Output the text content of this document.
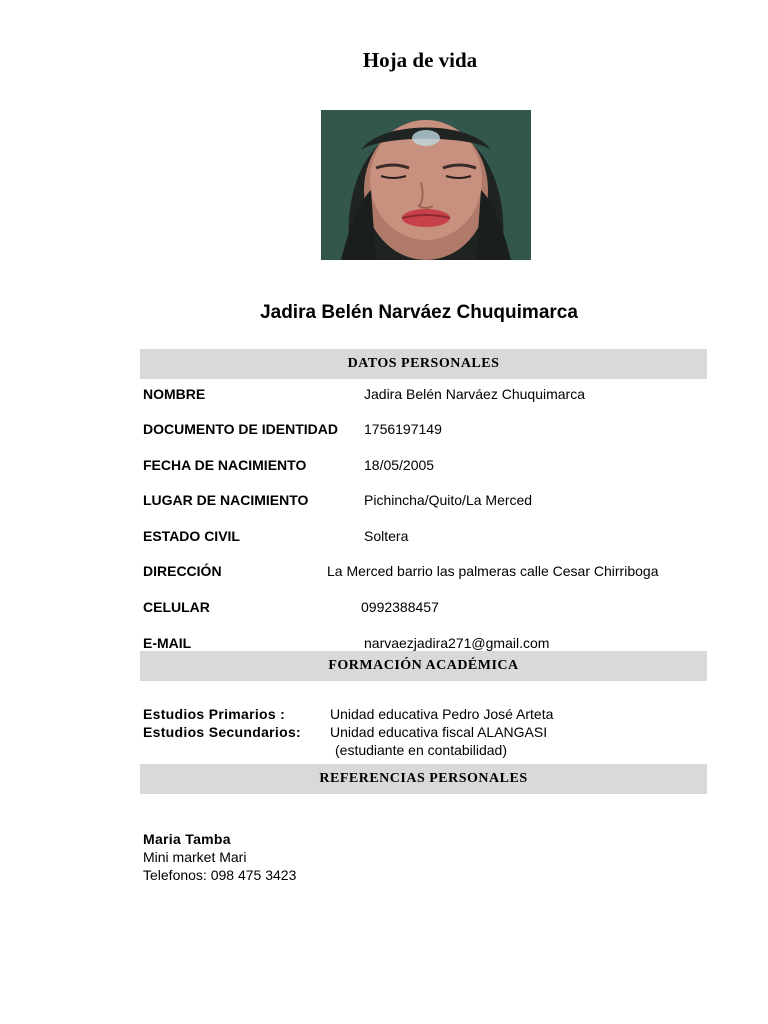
Hoja de vida
Jadira Belén Narváez Chuquimarca
DATOS PERSONALES
NOMBRE	Jadira Belén Narváez Chuquimarca
DOCUMENTO DE IDENTIDAD 1756197149
FECHA DE NACIMIENTO	18/05/2005
LUGAR DE NACIMIENTO	Pichincha/Quito/La Merced
ESTADO CIVIL	Soltera
DIRECCIÓN	La Merced barrio las palmeras calle Cesar Chirriboga
CELULAR	0992388457
E-MAIL	narvaezjadira271@gmail.com
FORMACIÓN ACADÉMICA
Estudios Primarios :	Unidad educativa Pedro José Arteta
Estudios Secundarios: Unidad educativa fiscal ALANGASI
(estudiante en contabilidad)
REFERENCIAS PERSONALES
Maria Tamba
Mini market Mari
Telefonos: 098 475 3423
